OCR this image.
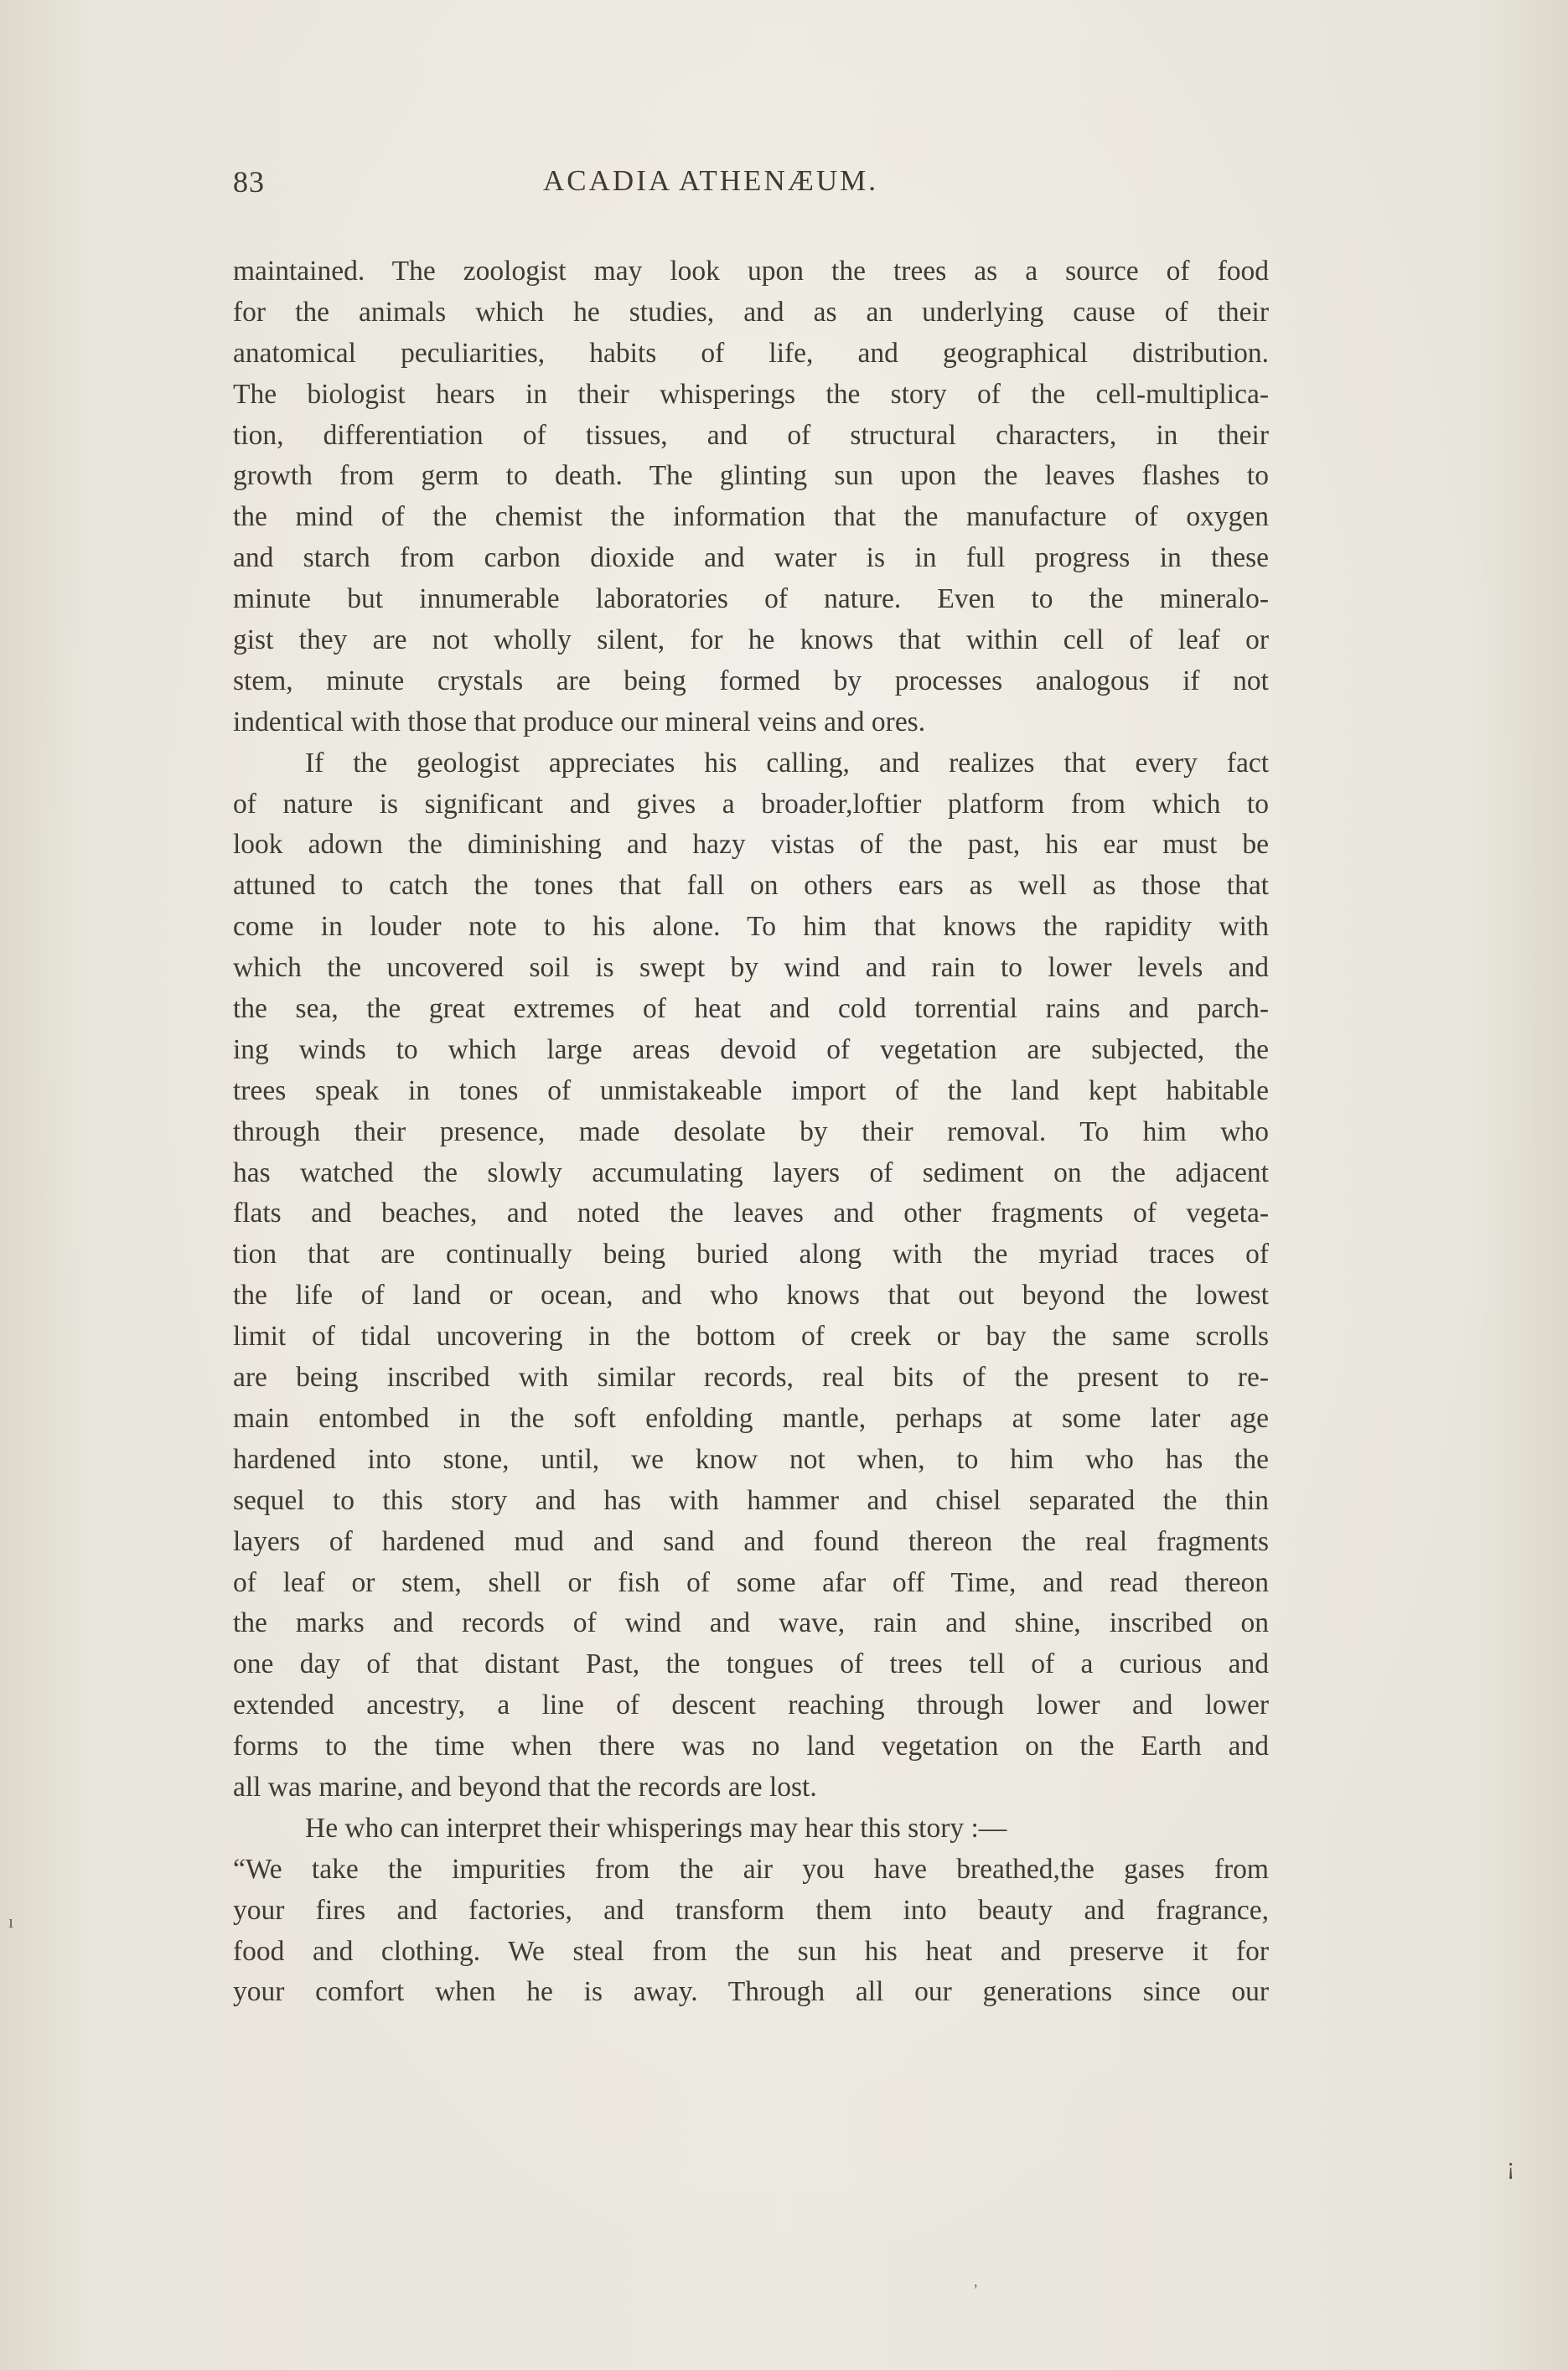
83	ACADIA ATHENÆUM.
maintained. The zoologist may look upon the trees as a source of food
for the animals which he studies, and as an underlying cause of their
anatomical peculiarities, habits of life, and geographical distribution.
The biologist hears in their whisperings the story of the cell-multiplica-
tion, differentiation of tissues, and of structural characters, in their
growth from germ to death. The glinting sun upon the leaves flashes to
the mind of the chemist the information that the manufacture of oxygen
and starch from carbon dioxide and water is in full progress in these
minute but innumerable laboratories of nature. Even to the mineralo-
gist they are not wholly silent, for he knows that within cell of leaf or
stem, minute crystals are being formed by processes analogous if not
indentical with those that produce our mineral veins and ores.
If the geologist appreciates his calling, and realizes that every fact
of nature is significant and gives a broader,loftier platform from which to
look adown the diminishing and hazy vistas of the past, his ear must be
attuned to catch the tones that fall on others ears as well as those that
come in louder note to his alone. To him that knows the rapidity with
which the uncovered soil is swept by wind and rain to lower levels and
the sea, the great extremes of heat and cold torrential rains and parch-
ing winds to which large areas devoid of vegetation are subjected, the
trees speak in tones of unmistakeable import of the land kept habitable
through their presence, made desolate by their removal. To him who
has watched the slowly accumulating layers of sediment on the adjacent
flats and beaches, and noted the leaves and other fragments of vegeta-
tion that are continually being buried along with the myriad traces of
the life of land or ocean, and who knows that out beyond the lowest
limit of tidal uncovering in the bottom of creek or bay the same scrolls
are being inscribed with similar records, real bits of the present to re-
main entombed in the soft enfolding mantle, perhaps at some later age
hardened into stone, until, we know not when, to him who has the
sequel to this story and has with hammer and chisel separated the thin
layers of hardened mud and sand and found thereon the real fragments
of leaf or stem, shell or fish of some afar off Time, and read thereon
the marks and records of wind and wave, rain and shine, inscribed on
one day of that distant Past, the tongues of trees tell of a curious and
extended ancestry, a line of descent reaching through lower and lower
forms to the time when there was no land vegetation on the Earth and
all was marine, and beyond that the records are lost.
He who can interpret their whisperings may hear this story :—
“We take the impurities from the air you have breathed,the gases from
your fires and factories, and transform them into beauty and fragrance,
food and clothing. We steal from the sun his heat and preserve it for
your comfort when he is away. Through all our generations since our
ı
¡
,
